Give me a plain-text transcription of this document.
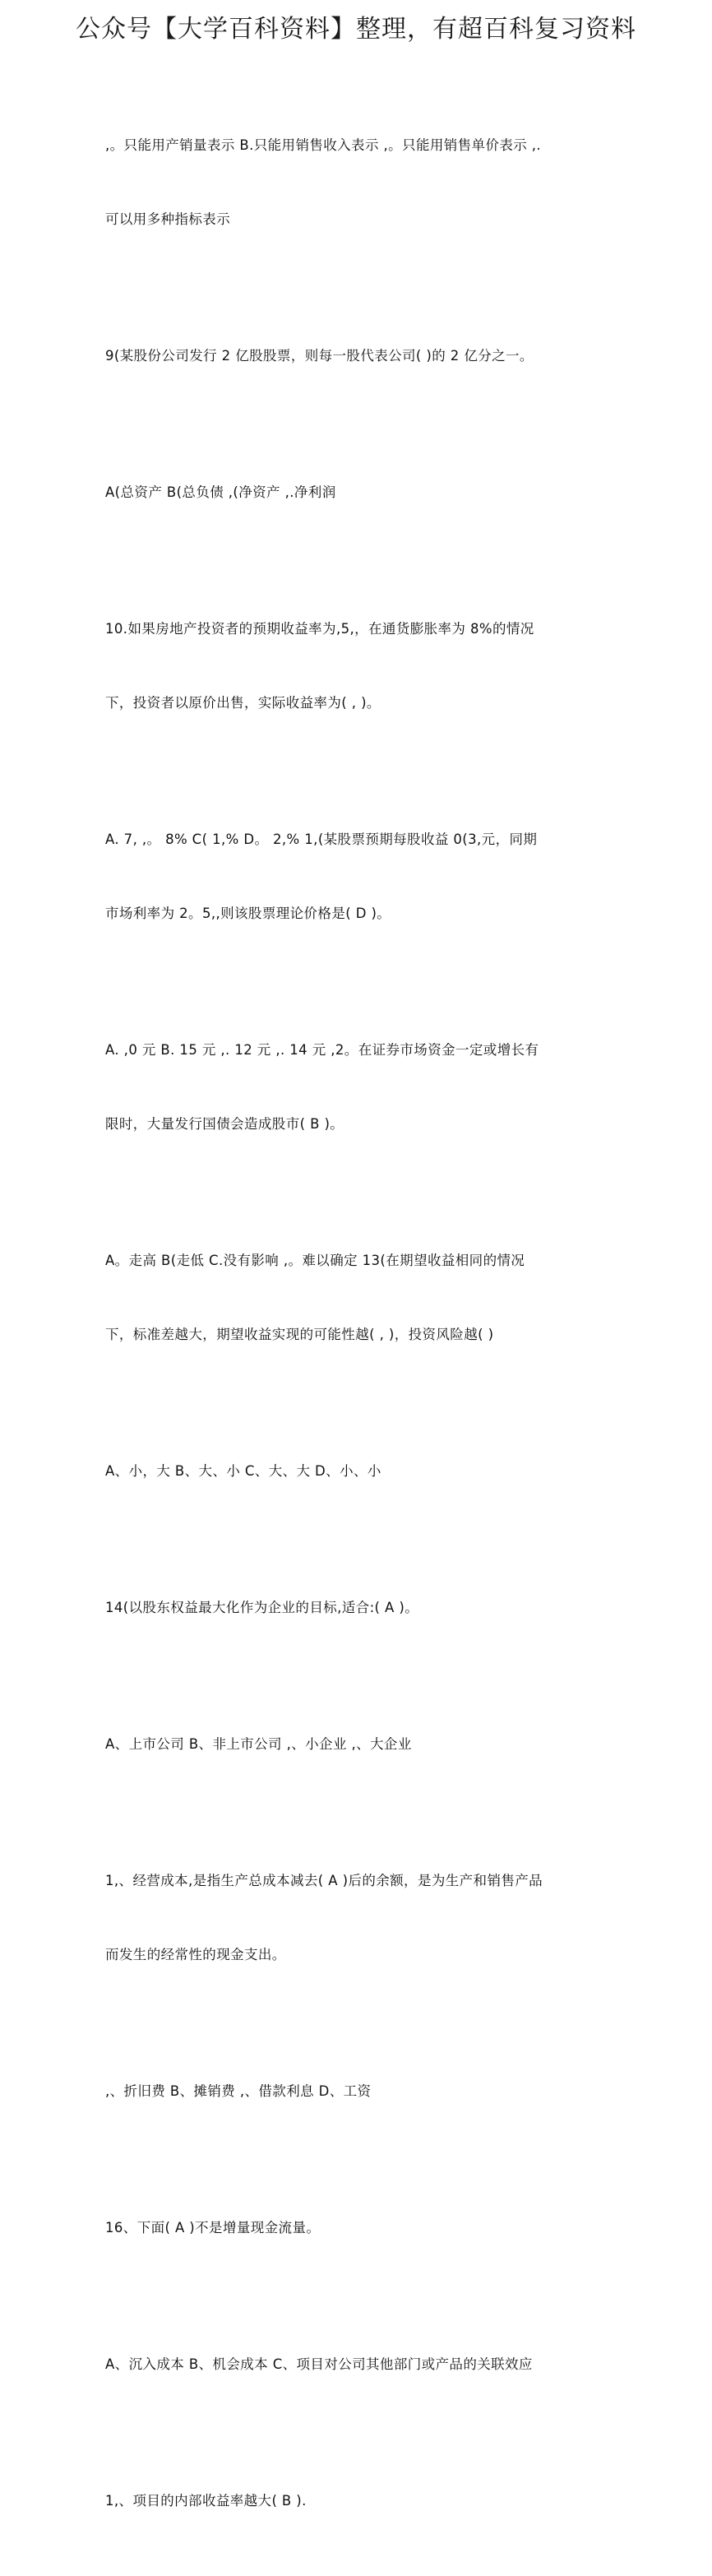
公众号【大学百科资料】整理，有超百科复习资料

,。只能用产销量表示 B.只能用销售收入表示 ,。只能用销售单价表示 ,.

可以用多种指标表示

9(某股份公司发行 2 亿股股票，则每一股代表公司( )的 2 亿分之一。

A(总资产 B(总负债 ,(净资产 ,.净利润

10.如果房地产投资者的预期收益率为,5,，在通货膨胀率为 8%的情况

下，投资者以原价出售，实际收益率为( , )。

A. 7, ,。 8% C( 1,% D。 2,% 1,(某股票预期每股收益 0(3,元，同期

市场利率为 2。5,,则该股票理论价格是( D )。

A. ,0 元 B. 15 元 ,. 12 元 ,. 14 元 ,2。在证券市场资金一定或增长有

限时，大量发行国债会造成股市( B )。

A。走高 B(走低 C.没有影响 ,。难以确定 13(在期望收益相同的情况

下，标准差越大，期望收益实现的可能性越( , )，投资风险越( )

A、小，大 B、大、小 C、大、大 D、小、小

14(以股东权益最大化作为企业的目标,适合:( A )。

A、上市公司 B、非上市公司 ,、小企业 ,、大企业

1,、经营成本,是指生产总成本减去( A )后的余额，是为生产和销售产品

而发生的经常性的现金支出。

,、折旧费 B、摊销费 ,、借款利息 D、工资

16、下面( A )不是增量现金流量。

A、沉入成本 B、机会成本 C、项目对公司其他部门或产品的关联效应

1,、项目的内部收益率越大( B ).
